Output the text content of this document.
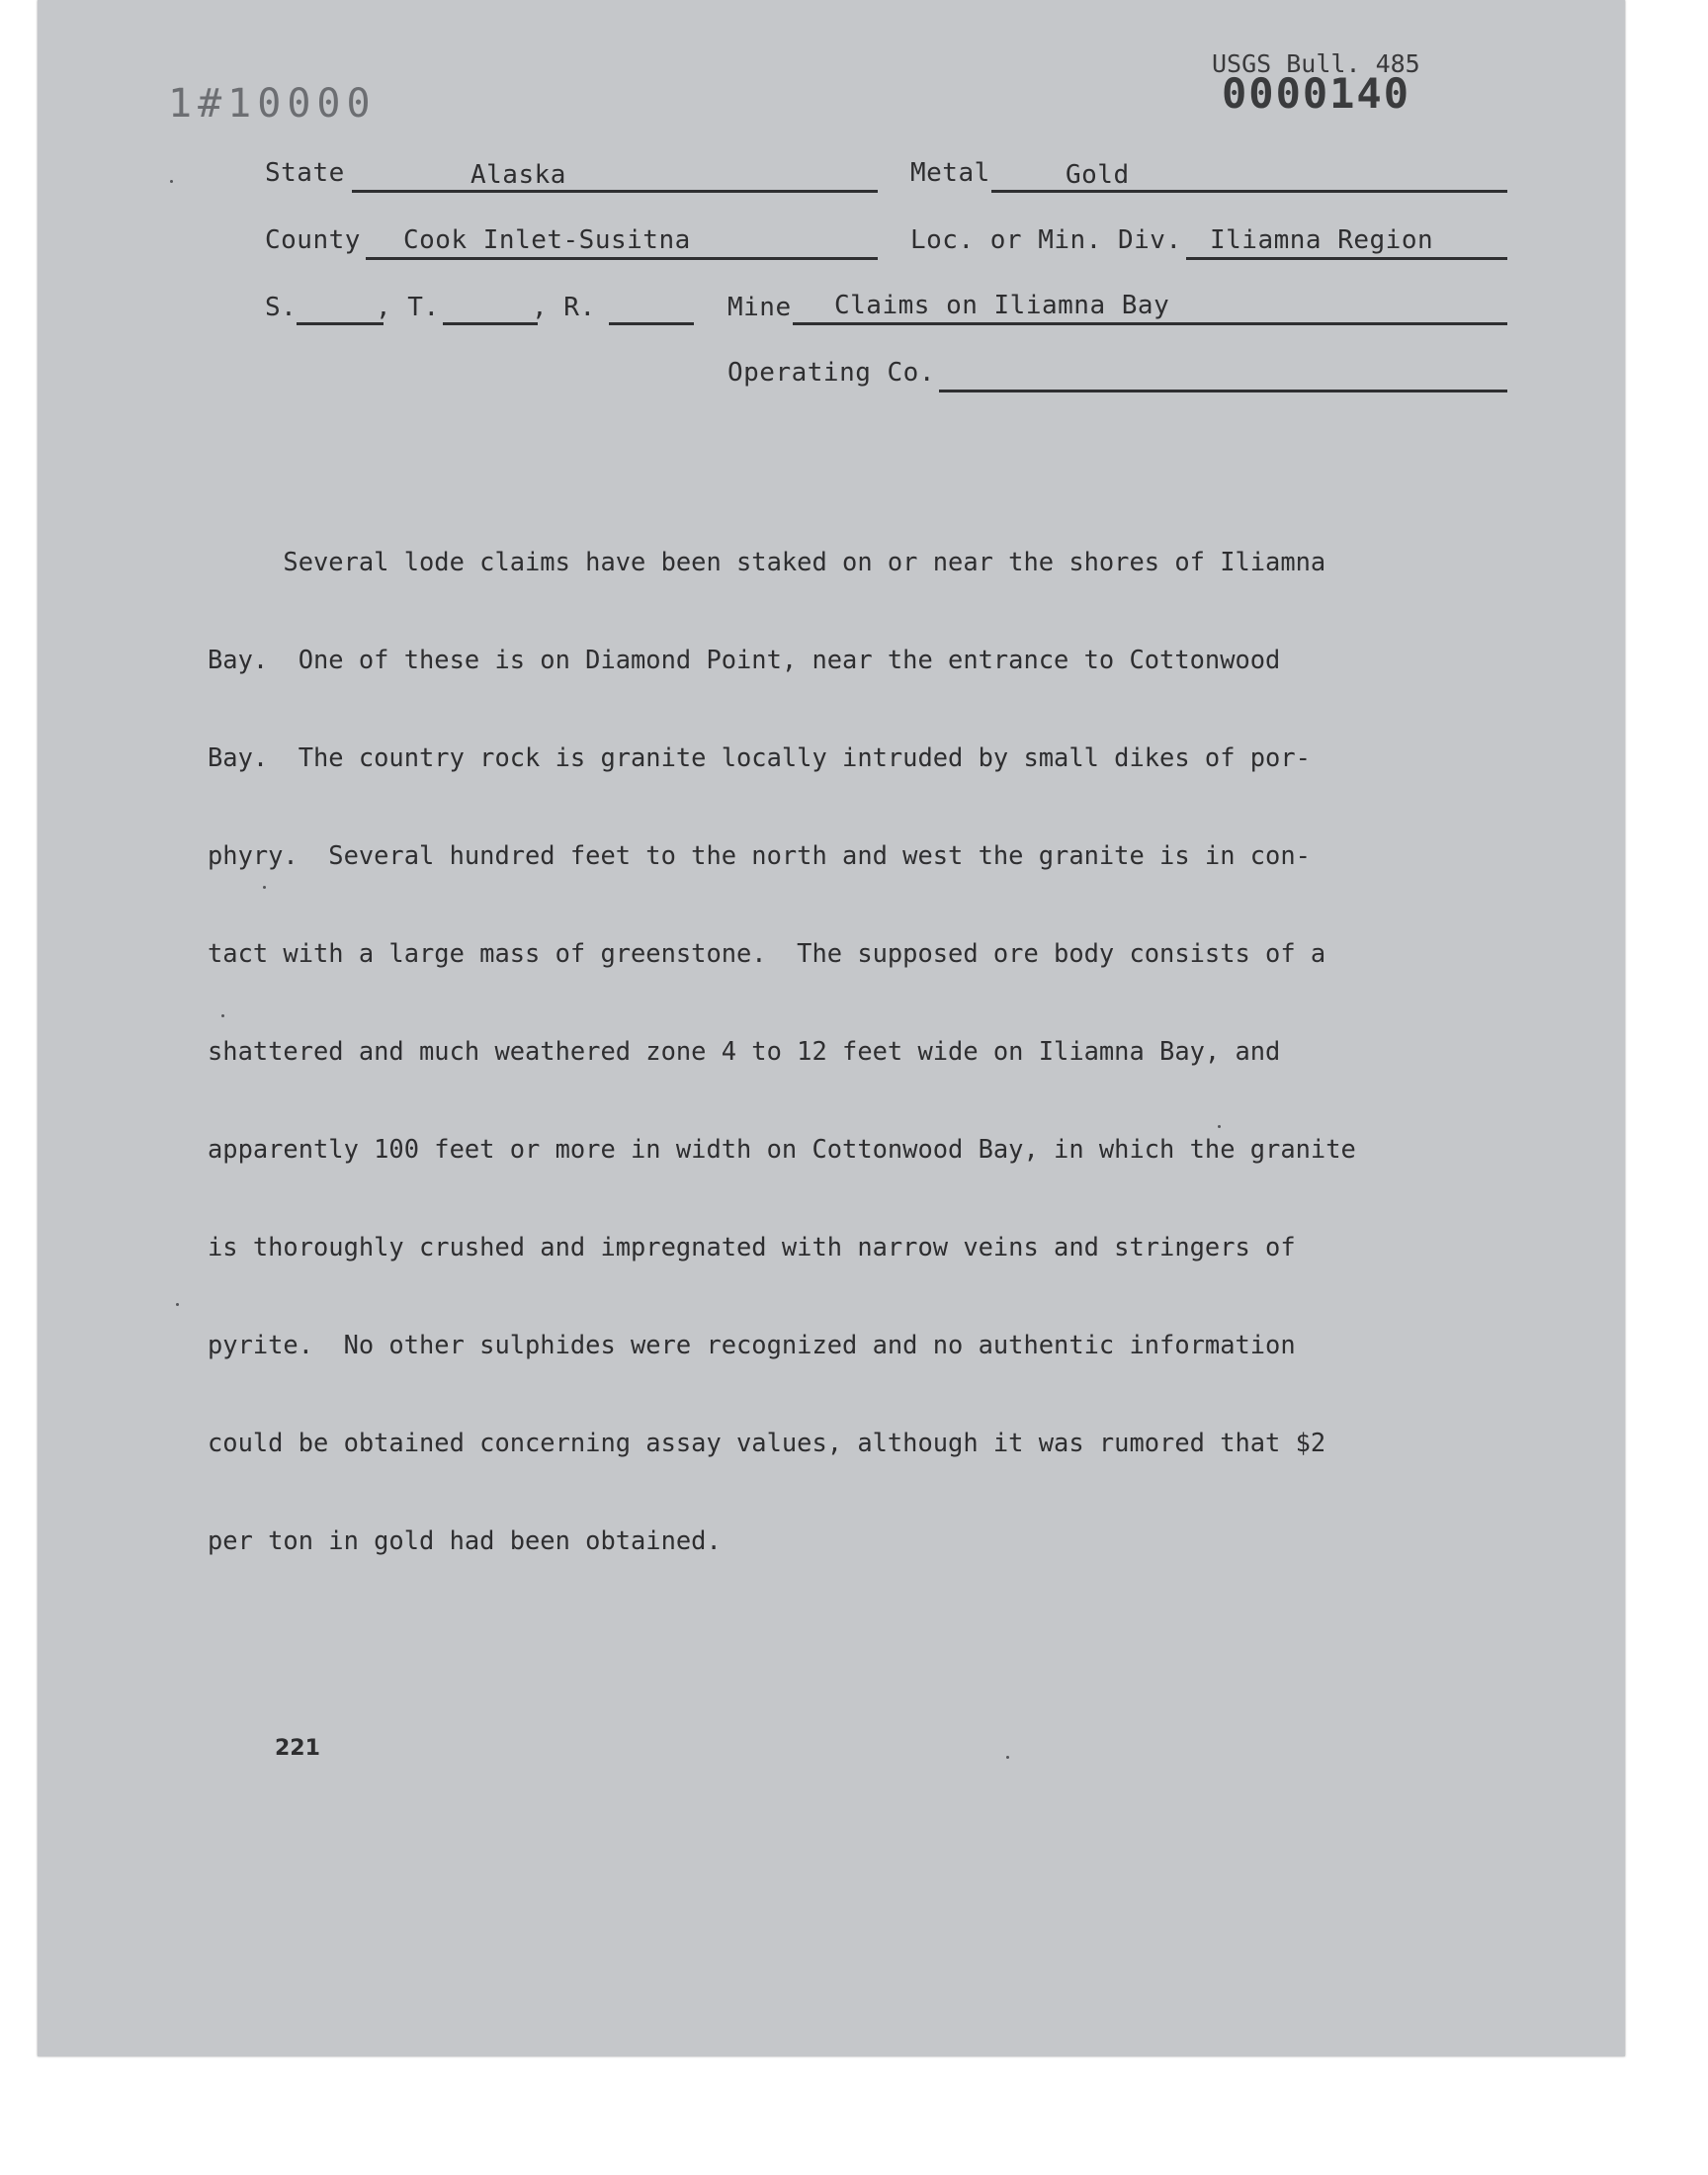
1#10000
USGS Bull. 485
0000140
State	Alaska	Metal	Gold
County Cook Inlet-Susitna	Loc. or Min. Div. Iliamna Region
S.	, T.	, R.	Mine Claims on Iliamna Bay
Operating Co.

Several lode claims have been staked on or near the shores of Iliamna

Bay.  One of these is on Diamond Point, near the entrance to Cottonwood

Bay.  The country rock is granite locally intruded by small dikes of por-

phyry.  Several hundred feet to the north and west the granite is in con-

tact with a large mass of greenstone.  The supposed ore body consists of a

shattered and much weathered zone 4 to 12 feet wide on Iliamna Bay, and

apparently 100 feet or more in width on Cottonwood Bay, in which the granite

is thoroughly crushed and impregnated with narrow veins and stringers of

pyrite.  No other sulphides were recognized and no authentic information

could be obtained concerning assay values, although it was rumored that $2

per ton in gold had been obtained.

221
